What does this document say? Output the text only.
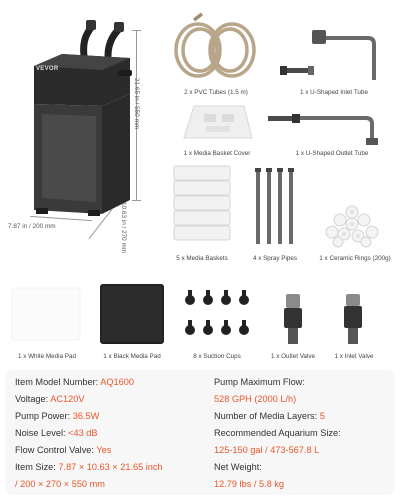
VEVOR
21.65 in / 550 mm
7.87 in / 200 mm	10.63 in / 270 mm
2 x PVC Tubes (1.5 m)	1 x U-Shaped Inlet Tube
1 x Media Basket Cover	1 x U-Shaped Outlet Tube
5 x Media Baskets	4 x Spray Pipes	1 x Ceramic Rings (200g)
1 x White Media Pad	1 x Black Media Pad	8 x Suction Cups	1 x Outlet Valve	1 x Inlet Valve
Item Model Number: AQ1600
Voltage: AC120V
Pump Power: 36.5W
Noise Level: <43 dB
Flow Control Valve: Yes
Item Size: 7.87 × 10.63 × 21.65 inch
/ 200 × 270 × 550 mm
Pump Maximum Flow:
528 GPH (2000 L/h)
Number of Media Layers: 5
Recommended Aquarium Size:
125-150 gal / 473-567.8 L
Net Weight:
12.79 lbs / 5.8 kg
